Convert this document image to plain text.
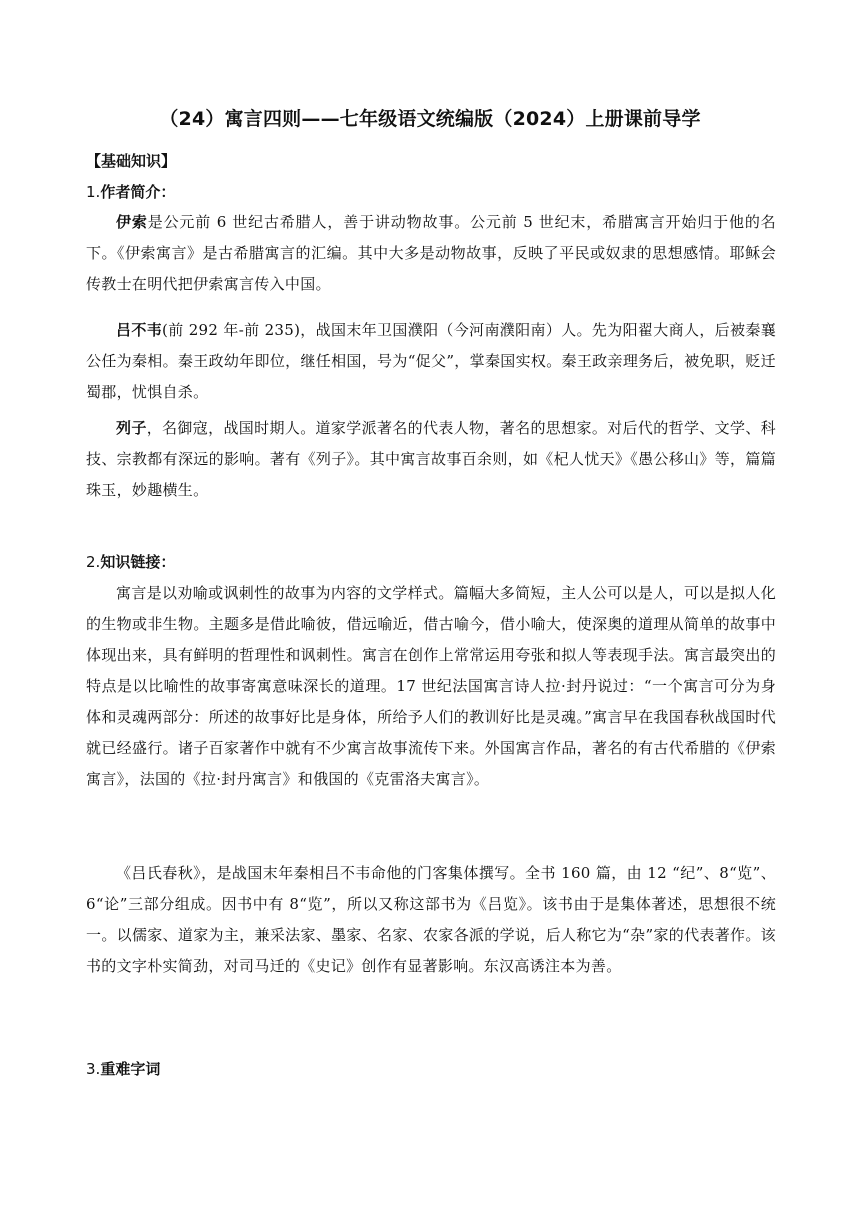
（24）寓言四则——七年级语文统编版（2024）上册课前导学
【基础知识】
1.作者简介：
伊索是公元前 6 世纪古希腊人，善于讲动物故事。公元前 5 世纪末，希腊寓言开始归于他的名下。《伊索寓言》是古希腊寓言的汇编。其中大多是动物故事，反映了平民或奴隶的思想感情。耶稣会传教士在明代把伊索寓言传入中国。
吕不韦(前 292 年-前 235)，战国末年卫国濮阳（今河南濮阳南）人。先为阳翟大商人，后被秦襄公任为秦相。秦王政幼年即位，继任相国，号为“促父”，掌秦国实权。秦王政亲理务后，被免职，贬迁蜀郡，忧惧自杀。
列子，名御寇，战国时期人。道家学派著名的代表人物，著名的思想家。对后代的哲学、文学、科技、宗教都有深远的影响。著有《列子》。其中寓言故事百余则，如《杞人忧天》《愚公移山》等，篇篇珠玉，妙趣横生。
2.知识链接：
寓言是以劝喻或讽刺性的故事为内容的文学样式。篇幅大多简短，主人公可以是人，可以是拟人化的生物或非生物。主题多是借此喻彼，借远喻近，借古喻今，借小喻大，使深奥的道理从简单的故事中体现出来，具有鲜明的哲理性和讽刺性。寓言在创作上常常运用夸张和拟人等表现手法。寓言最突出的特点是以比喻性的故事寄寓意味深长的道理。17 世纪法国寓言诗人拉·封丹说过：“一个寓言可分为身体和灵魂两部分：所述的故事好比是身体，所给予人们的教训好比是灵魂。”寓言早在我国春秋战国时代就已经盛行。诸子百家著作中就有不少寓言故事流传下来。外国寓言作品，著名的有古代希腊的《伊索寓言》，法国的《拉·封丹寓言》和俄国的《克雷洛夫寓言》。
《吕氏春秋》，是战国末年秦相吕不韦命他的门客集体撰写。全书 160 篇，由 12 “纪”、8“览”、6“论”三部分组成。因书中有 8“览”，所以又称这部书为《吕览》。该书由于是集体著述，思想很不统一。以儒家、道家为主，兼采法家、墨家、名家、农家各派的学说，后人称它为“杂”家的代表著作。该书的文字朴实简劲，对司马迁的《史记》创作有显著影响。东汉高诱注本为善。
3.重难字词
